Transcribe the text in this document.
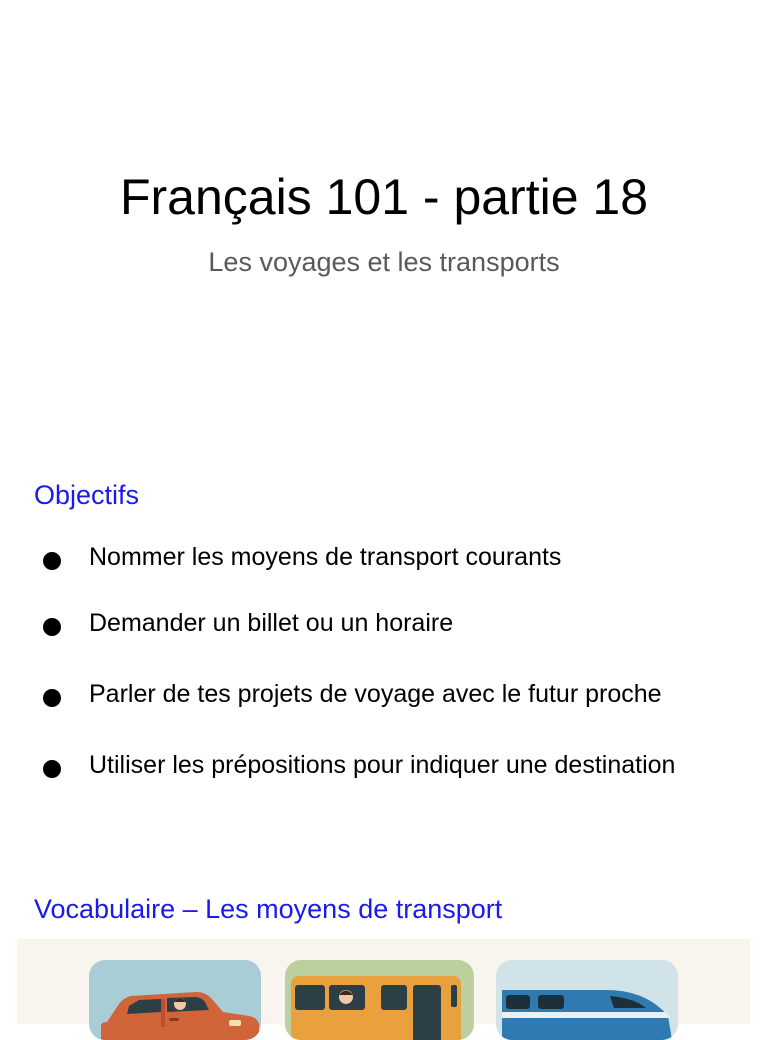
Français 101 - partie 18

Les voyages et les transports

Objectifs
Nommer les moyens de transport courants
Demander un billet ou un horaire
Parler de tes projets de voyage avec le futur proche
Utiliser les prépositions pour indiquer une destination
Vocabulaire – Les moyens de transport
